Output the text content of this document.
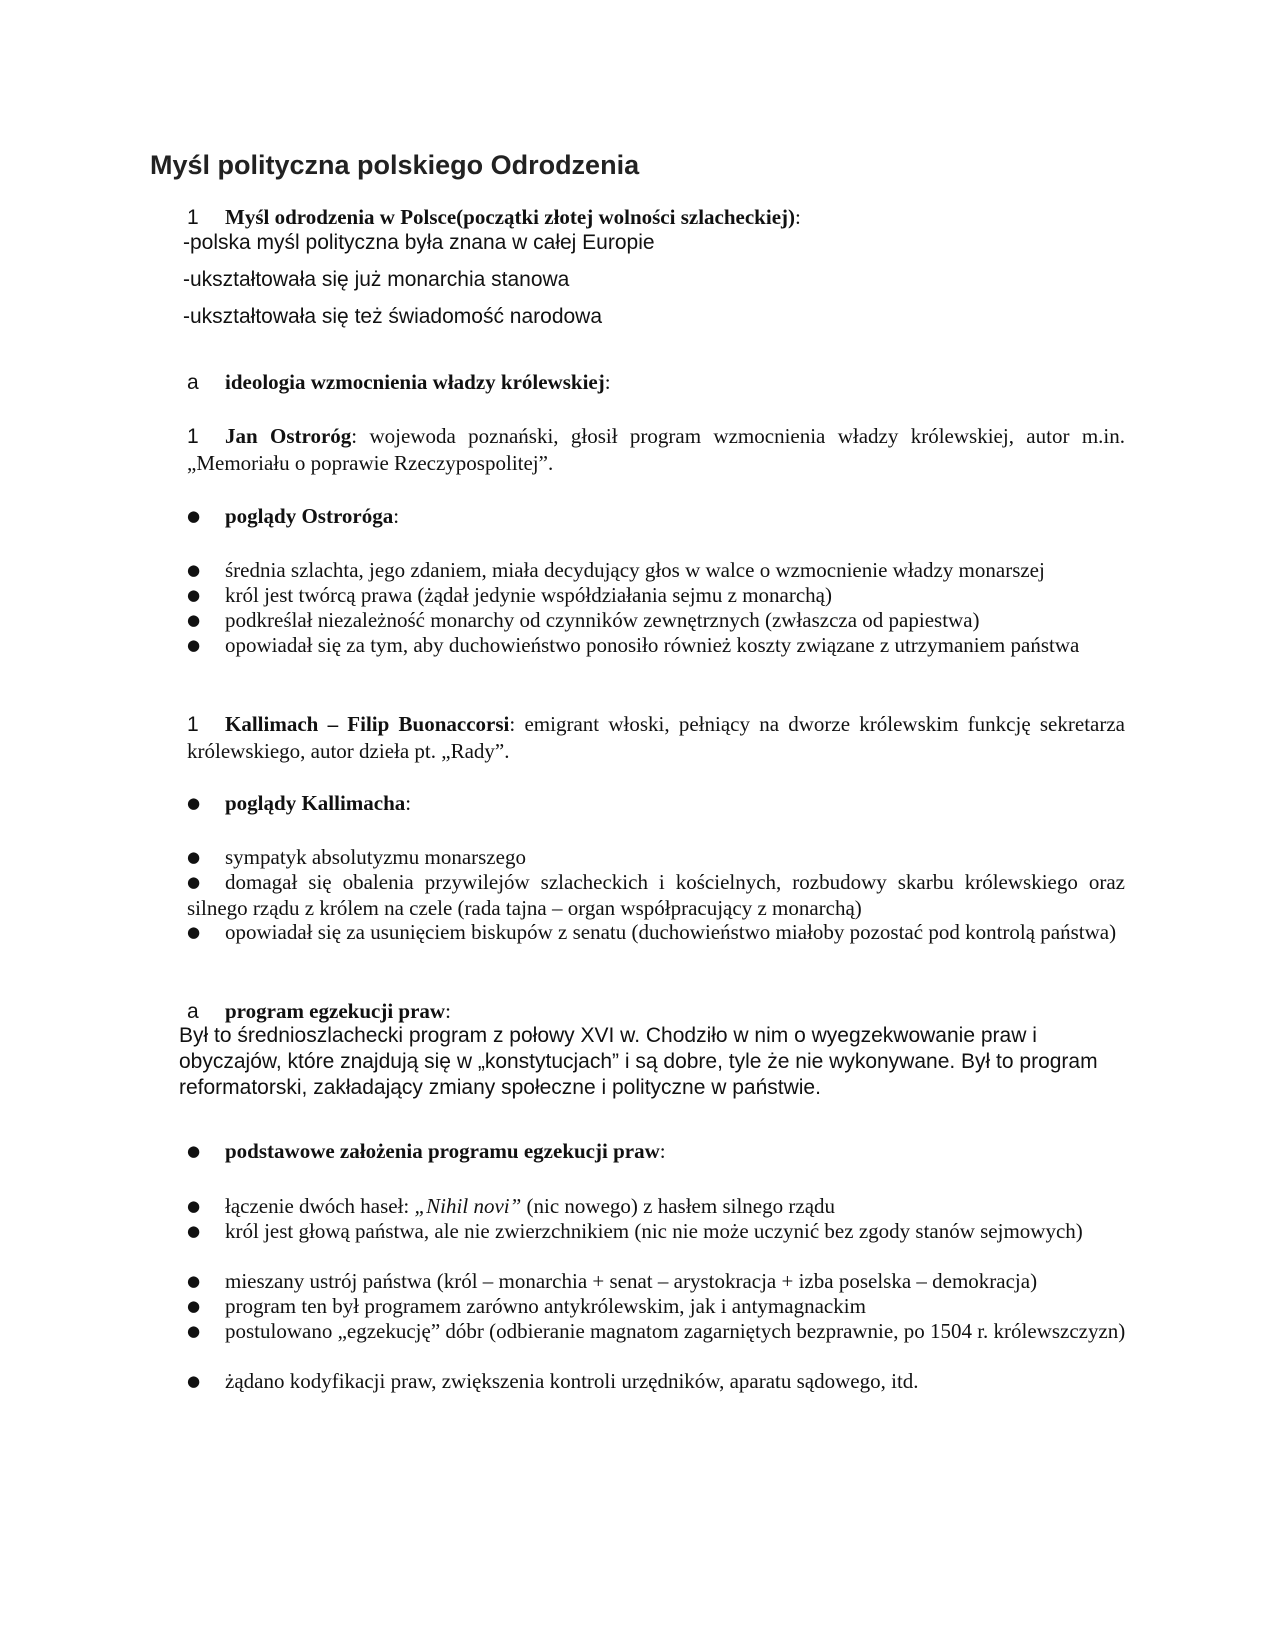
Myśl polityczna polskiego Odrodzenia

1 Myśl odrodzenia w Polsce(początki złotej wolności szlacheckiej):

-polska myśl polityczna była znana w całej Europie

-ukształtowała się już monarchia stanowa

-ukształtowała się też świadomość narodowa

a ideologia wzmocnienia władzy królewskiej:

1 Jan Ostroróg: wojewoda poznański, głosił program wzmocnienia władzy królewskiej, autor m.in. „Memoriału o poprawie Rzeczypospolitej”.

● poglądy Ostroróga:

● średnia szlachta, jego zdaniem, miała decydujący głos w walce o wzmocnienie władzy monarszej

● król jest twórcą prawa (żądał jedynie współdziałania sejmu z monarchą)

● podkreślał niezależność monarchy od czynników zewnętrznych (zwłaszcza od papiestwa)

● opowiadał się za tym, aby duchowieństwo ponosiło również koszty związane z utrzymaniem państwa

1 Kallimach – Filip Buonaccorsi: emigrant włoski, pełniący na dworze królewskim funkcję sekretarza królewskiego, autor dzieła pt. „Rady”.

● poglądy Kallimacha:

● sympatyk absolutyzmu monarszego

● domagał się obalenia przywilejów szlacheckich i kościelnych, rozbudowy skarbu królewskiego oraz silnego rządu z królem na czele (rada tajna – organ współpracujący z monarchą)

● opowiadał się za usunięciem biskupów z senatu (duchowieństwo miałoby pozostać pod kontrolą państwa)

a program egzekucji praw:

Był to średnioszlachecki program z połowy XVI w. Chodziło w nim o wyegzekwowanie praw i obyczajów, które znajdują się w „konstytucjach” i są dobre, tyle że nie wykonywane. Był to program reformatorski, zakładający zmiany społeczne i polityczne w państwie.

● podstawowe założenia programu egzekucji praw:

● łączenie dwóch haseł: „Nihil novi” (nic nowego) z hasłem silnego rządu

● król jest głową państwa, ale nie zwierzchnikiem (nic nie może uczynić bez zgody stanów sejmowych)

● mieszany ustrój państwa (król – monarchia + senat – arystokracja + izba poselska – demokracja)

● program ten był programem zarówno antykrólewskim, jak i antymagnackim

● postulowano „egzekucję” dóbr (odbieranie magnatom zagarniętych bezprawnie, po 1504 r. królewszczyzn)

● żądano kodyfikacji praw, zwiększenia kontroli urzędników, aparatu sądowego, itd.
